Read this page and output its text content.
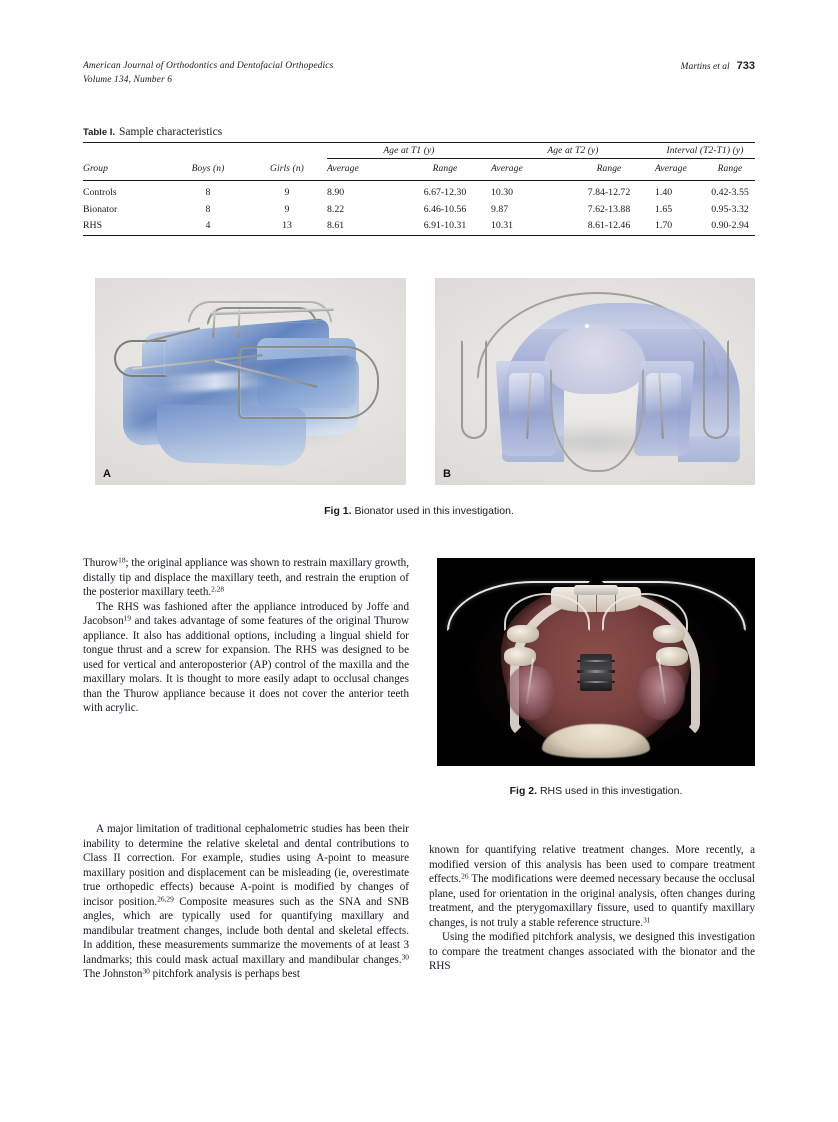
American Journal of Orthodontics and Dentofacial Orthopedics
Volume 134, Number 6
Martins et al 733
Table I. Sample characteristics

			Age at T1 (y)		Age at T2 (y)		Interval (T2-T1) (y)	
Group	Boys (n)	Girls (n)	Average	Range	Average	Range	Average	Range

Controls	8	9	8.90	6.67-12.30	10.30	7.84-12.72	1.40	0.42-3.55
Bionator	8	9	8.22	6.46-10.56	9.87	7.62-13.88	1.65	0.95-3.32
RHS	4	13	8.61	6.91-10.31	10.31	8.61-12.46	1.70	0.90-2.94

A	B
Fig 1. Bionator used in this investigation.
Fig 2. RHS used in this investigation.

Thurow$^{18}$; the original appliance was shown to restrain maxillary growth, distally tip and displace the maxillary teeth, and restrain the eruption of the posterior maxillary teeth.$^{2,28}$

The RHS was fashioned after the appliance introduced by Joffe and Jacobson$^{19}$ and takes advantage of some features of the original Thurow appliance. It also has additional options, including a lingual shield for tongue thrust and a screw for expansion. The RHS was designed to be used for vertical and anteroposterior (AP) control of the maxilla and the maxillary molars. It is thought to more easily adapt to occlusal changes than the Thurow appliance because it does not cover the anterior teeth with acrylic.

A major limitation of traditional cephalometric studies has been their inability to determine the relative skeletal and dental contributions to Class II correction. For example, studies using A-point to measure maxillary position and displacement can be misleading (ie, overestimate true orthopedic effects) because A-point is modified by changes of incisor position.$^{26,29}$ Composite measures such as the SNA and SNB angles, which are typically used for quantifying maxillary and mandibular treatment changes, include both dental and skeletal effects. In addition, these measurements summarize the movements of at least 3 landmarks; this could mask actual maxillary and mandibular changes.$^{30}$ The Johnston$^{30}$ pitchfork analysis is perhaps best

known for quantifying relative treatment changes. More recently, a modified version of this analysis has been used to compare treatment effects.$^{26}$ The modifications were deemed necessary because the occlusal plane, used for orientation in the original analysis, often changes during treatment, and the pterygomaxillary fissure, used to quantify maxillary changes, is not truly a stable reference structure.$^{31}$

Using the modified pitchfork analysis, we designed this investigation to compare the treatment changes associated with the bionator and the RHS
